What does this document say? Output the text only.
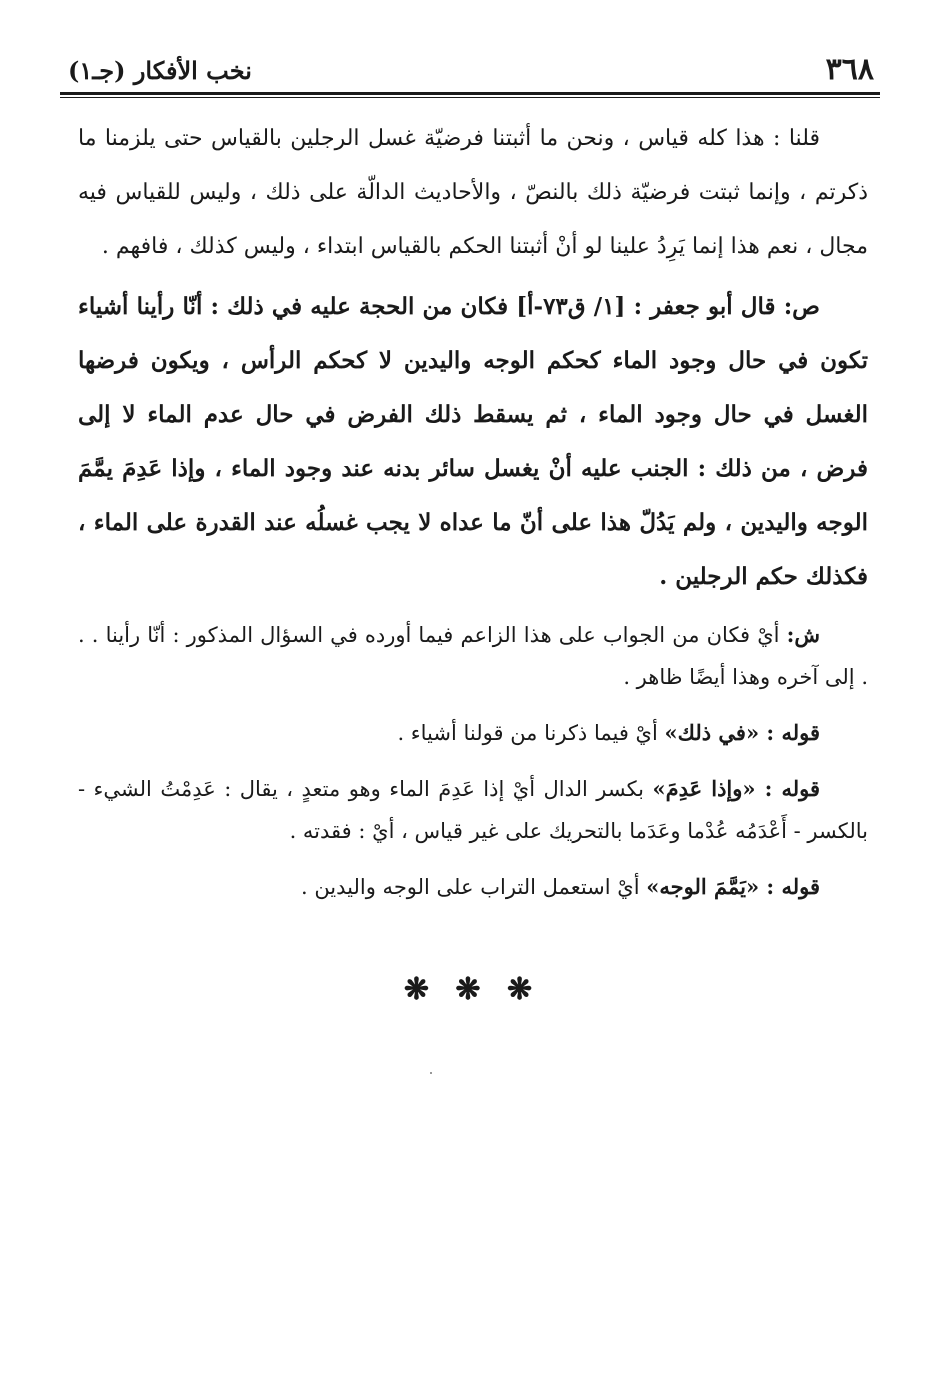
٣٦٨
نخب الأفكار (جـ١)

قلنا : هذا كله قياس ، ونحن ما أثبتنا فرضيّة غسل الرجلين بالقياس حتى يلزمنا ما ذكرتم ، وإنما ثبتت فرضيّة ذلك بالنصّ ، والأحاديث الدالّة على ذلك ، وليس للقياس فيه مجال ، نعم هذا إنما يَرِدُ علينا لو أنْ أثبتنا الحكم بالقياس ابتداء ، وليس كذلك ، فافهم .

ص: قال أبو جعفر : [١/ ق٧٣-أ] فكان من الحجة عليه في ذلك : أنّا رأينا أشياء تكون في حال وجود الماء كحكم الوجه واليدين لا كحكم الرأس ، ويكون فرضها الغسل في حال وجود الماء ، ثم يسقط ذلك الفرض في حال عدم الماء لا إلى فرض ، من ذلك : الجنب عليه أنْ يغسل سائر بدنه عند وجود الماء ، وإذا عَدِمَ يمَّمَ الوجه واليدين ، ولم يَدُلّ هذا على أنّ ما عداه لا يجب غسلُه عند القدرة على الماء ، فكذلك حكم الرجلين .

ش: أيْ فكان من الجواب على هذا الزاعم فيما أورده في السؤال المذكور : أنّا رأينا . . . إلى آخره وهذا أيضًا ظاهر .

قوله : «في ذلك» أيْ فيما ذكرنا من قولنا أشياء .

قوله : «وإذا عَدِمَ» بكسر الدال أيْ إذا عَدِمَ الماء وهو متعدٍ ، يقال : عَدِمْتُ الشيء - بالكسر - أَعْدَمُه عُدْما وعَدَما بالتحريك على غير قياس ، أيْ : فقدته .

قوله : «يَمَّمَ الوجه» أيْ استعمل التراب على الوجه واليدين .

❋ ❋ ❋
